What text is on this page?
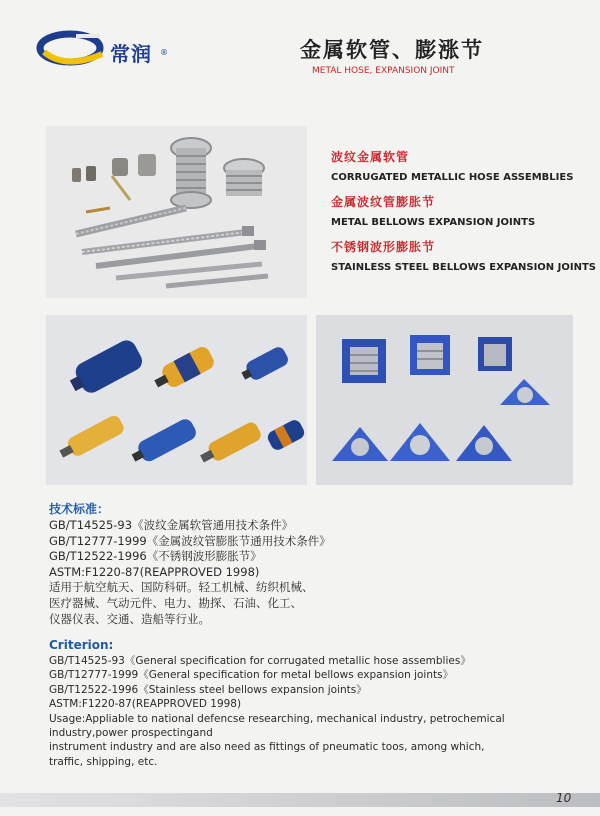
常润 ®	金属软管、膨涨节
METAL HOSE, EXPANSION JOINT
波纹金属软管
CORRUGATED METALLIC HOSE ASSEMBLIES
金属波纹管膨胀节
METAL BELLOWS EXPANSION JOINTS
不锈钢波形膨胀节
STAINLESS STEEL BELLOWS EXPANSION JOINTS
技术标准：
GB/T14525-93《波纹金属软管通用技术条件》
GB/T12777-1999《金属波纹管膨胀节通用技术条件》
GB/T12522-1996《不锈钢波形膨胀节》
ASTM:F1220-87(REAPPROVED 1998)
适用于航空航天、国防科研。轻工机械、纺织机械、
医疗器械、气动元件、电力、勘探、石油、化工、
仪器仪表、交通、造船等行业。
Criterion:
GB/T14525-93《General specification for corrugated metallic hose assemblies》
GB/T12777-1999《General specification for metal bellows expansion joints》
GB/T12522-1996《Stainless steel bellows expansion joints》
ASTM:F1220-87(REAPPROVED 1998)
Usage:Appliable to national defencse researching, mechanical industry, petrochemical
industry,power prospectingand
instrument industry and are also need as fittings of pneumatic toos, among which,
traffic, shipping, etc.
10
